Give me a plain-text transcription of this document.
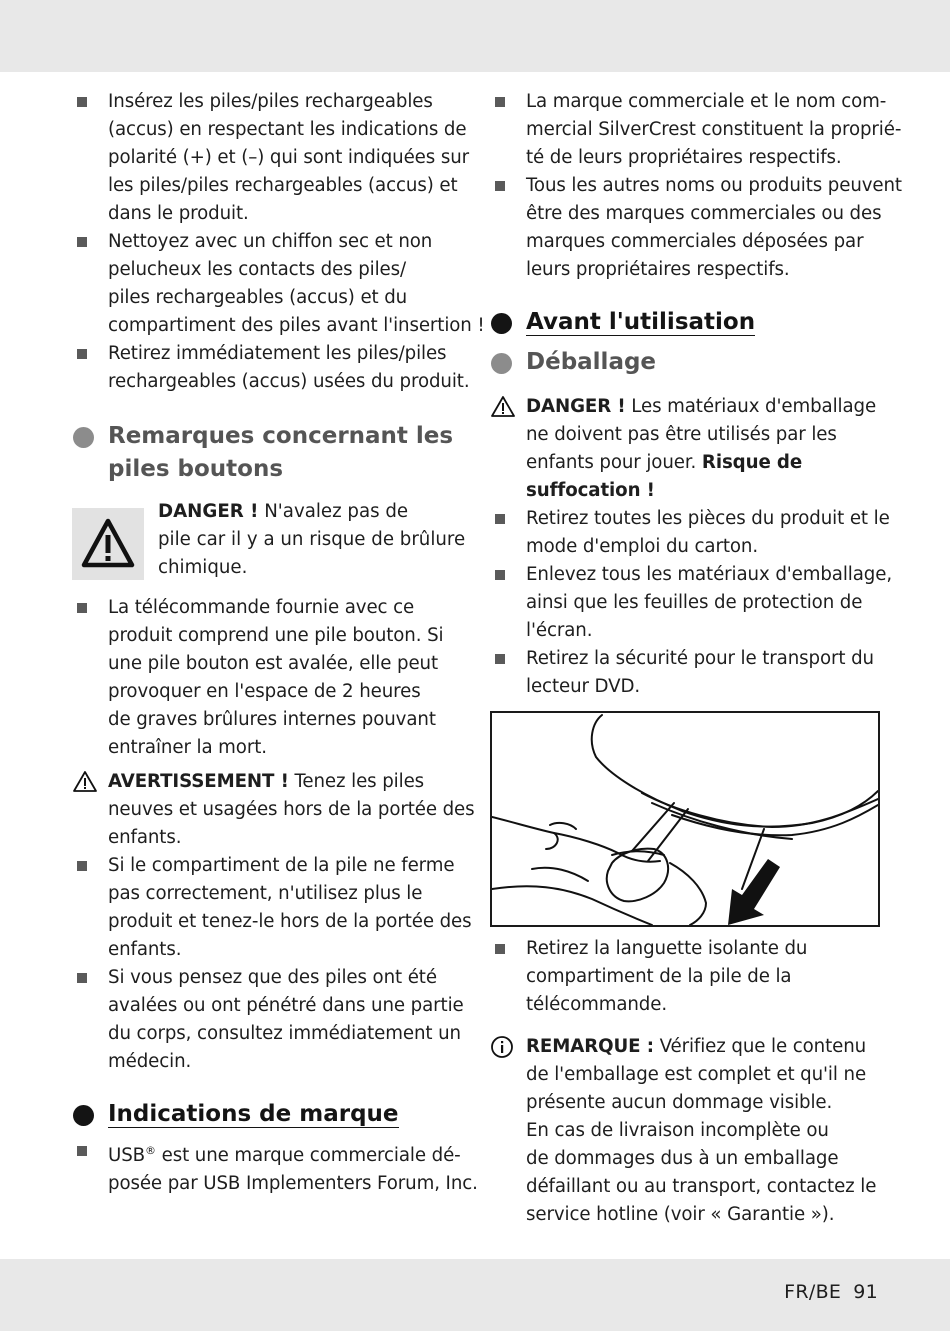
Insérez les piles/piles rechargeables
(accus) en respectant les indications de
polarité (+) et (–) qui sont indiquées sur
les piles/piles rechargeables (accus) et
dans le produit.
Nettoyez avec un chiffon sec et non
pelucheux les contacts des piles/
piles rechargeables (accus) et du
compartiment des piles avant l'insertion !
Retirez immédiatement les piles/piles
rechargeables (accus) usées du produit.
Remarques concernant les
piles boutons
DANGER ! N'avalez pas de
pile car il y a un risque de brûlure
chimique.
La télécommande fournie avec ce
produit comprend une pile bouton. Si
une pile bouton est avalée, elle peut
provoquer en l'espace de 2 heures
de graves brûlures internes pouvant
entraîner la mort.
AVERTISSEMENT ! Tenez les piles
neuves et usagées hors de la portée des
enfants.
Si le compartiment de la pile ne ferme
pas correctement, n'utilisez plus le
produit et tenez-le hors de la portée des
enfants.
Si vous pensez que des piles ont été
avalées ou ont pénétré dans une partie
du corps, consultez immédiatement un
médecin.
Indications de marque
USB® est une marque commerciale dé-
posée par USB Implementers Forum, Inc.
La marque commerciale et le nom com-
mercial SilverCrest constituent la proprié-
té de leurs propriétaires respectifs.
Tous les autres noms ou produits peuvent
être des marques commerciales ou des
marques commerciales déposées par
leurs propriétaires respectifs.
Avant l'utilisation
Déballage
DANGER ! Les matériaux d'emballage
ne doivent pas être utilisés par les
enfants pour jouer. Risque de
suffocation !
Retirez toutes les pièces du produit et le
mode d'emploi du carton.
Enlevez tous les matériaux d'emballage,
ainsi que les feuilles de protection de
l'écran.
Retirez la sécurité pour le transport du
lecteur DVD.
Retirez la languette isolante du
compartiment de la pile de la
télécommande.
REMARQUE : Vérifiez que le contenu
de l'emballage est complet et qu'il ne
présente aucun dommage visible.
En cas de livraison incomplète ou
de dommages dus à un emballage
défaillant ou au transport, contactez le
service hotline (voir « Garantie »).
FR/BE 91
